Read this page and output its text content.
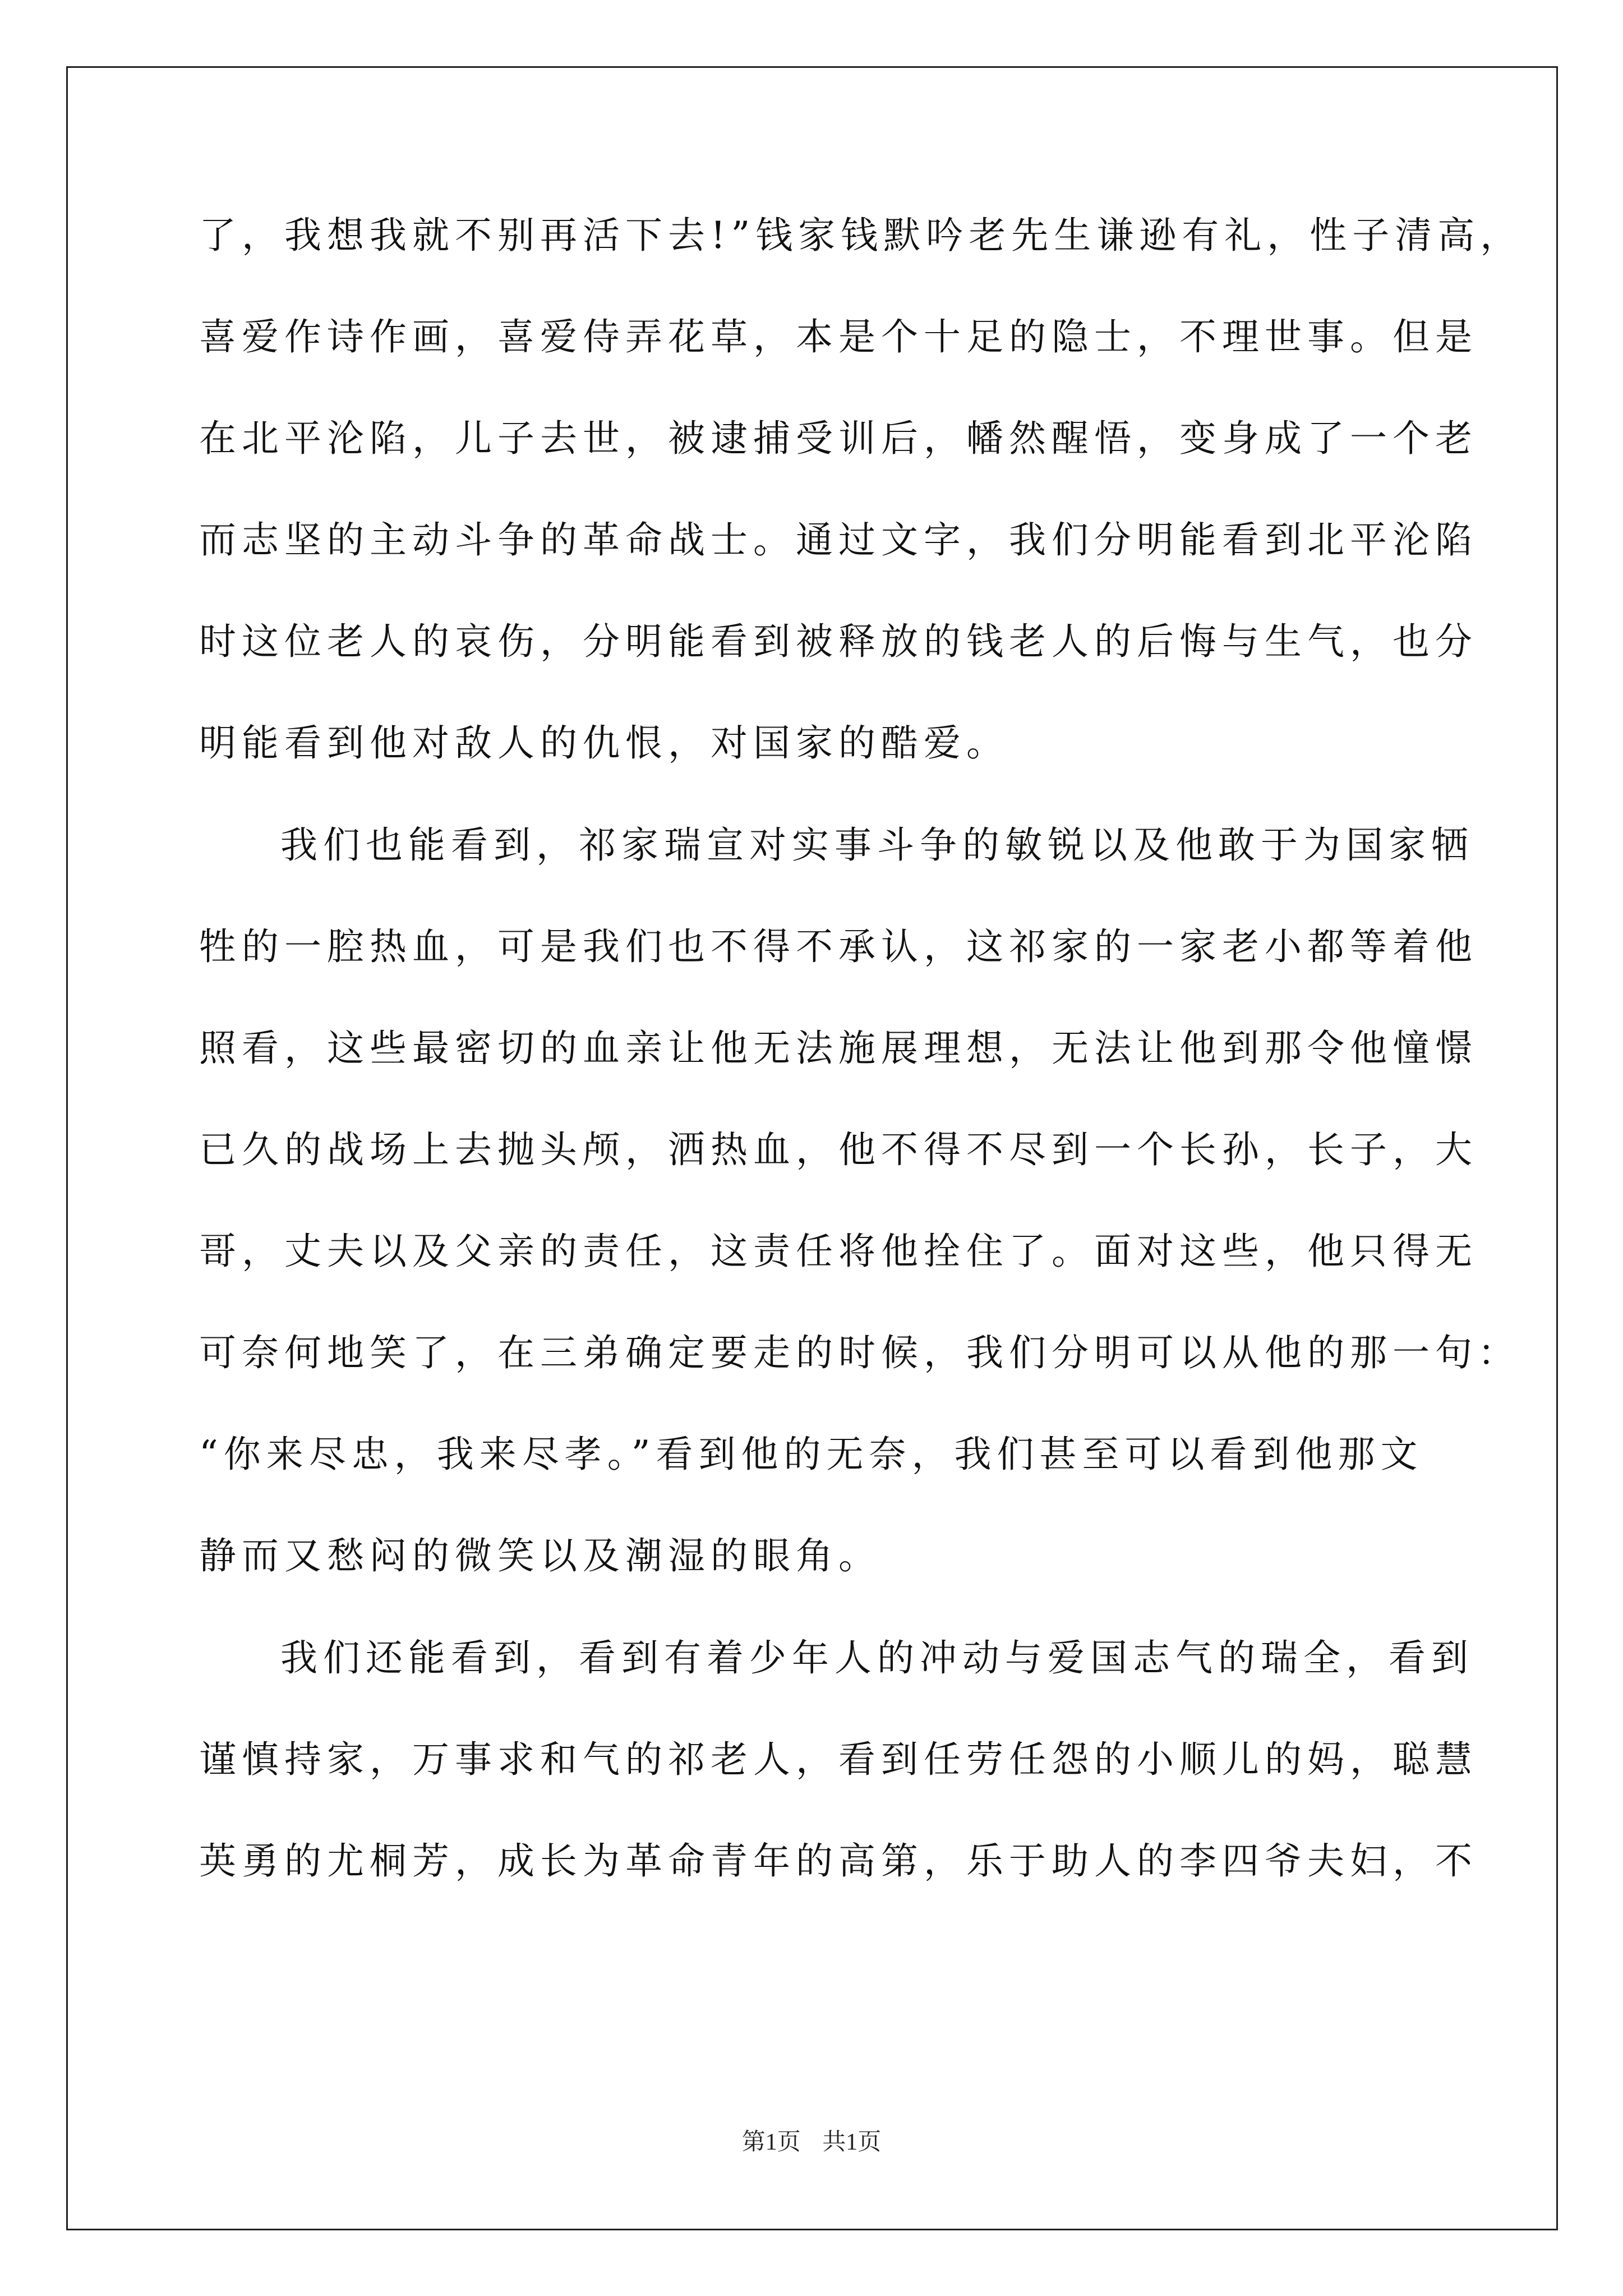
了，我想我就不别再活下去!”钱家钱默吟老先生谦逊有礼，性子清高，
喜爱作诗作画，喜爱侍弄花草，本是个十足的隐士，不理世事。但是
在北平沦陷，儿子去世，被逮捕受训后，幡然醒悟，变身成了一个老
而志坚的主动斗争的革命战士。通过文字，我们分明能看到北平沦陷
时这位老人的哀伤，分明能看到被释放的钱老人的后悔与生气，也分
明能看到他对敌人的仇恨，对国家的酷爱。
我们也能看到，祁家瑞宣对实事斗争的敏锐以及他敢于为国家牺
牲的一腔热血，可是我们也不得不承认，这祁家的一家老小都等着他
照看，这些最密切的血亲让他无法施展理想，无法让他到那令他憧憬
已久的战场上去抛头颅，洒热血，他不得不尽到一个长孙，长子，大
哥，丈夫以及父亲的责任，这责任将他拴住了。面对这些，他只得无
可奈何地笑了，在三弟确定要走的时候，我们分明可以从他的那一句：
“你来尽忠，我来尽孝。”看到他的无奈，我们甚至可以看到他那文
静而又愁闷的微笑以及潮湿的眼角。
我们还能看到，看到有着少年人的冲动与爱国志气的瑞全，看到
谨慎持家，万事求和气的祁老人，看到任劳任怨的小顺儿的妈，聪慧
英勇的尤桐芳，成长为革命青年的高第，乐于助人的李四爷夫妇，不
第1页 共1页
